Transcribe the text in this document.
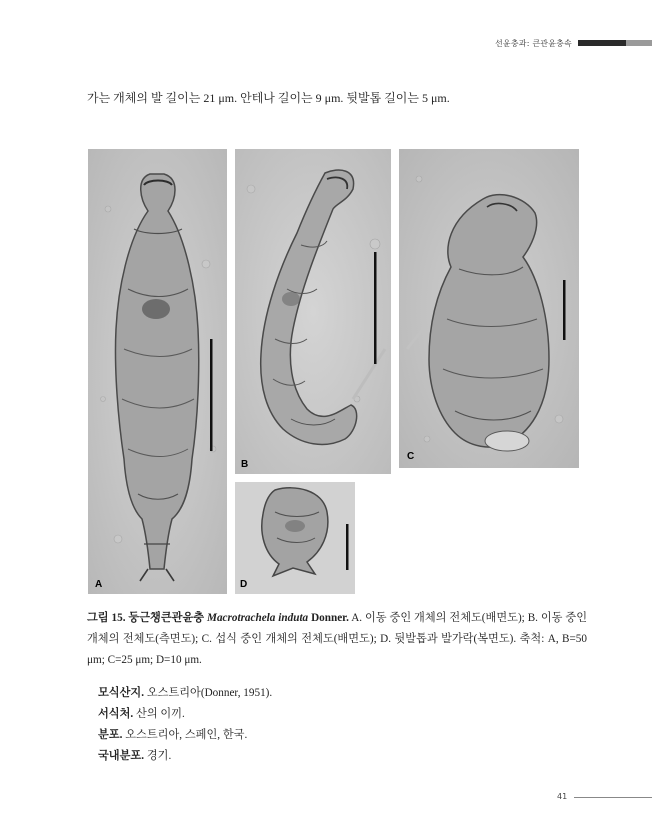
선윤충과: 큰관윤충속
가는 개체의 발 길이는 21 μm. 안테나 길이는 9 μm. 뒷발톱 길이는 5 μm.
A
B
C
D
그림 15. 둥근챙큰관윤충 Macrotrachela induta Donner. A. 이동 중인 개체의 전체도(배면도); B. 이동 중인 개체의 전체도(측면도); C. 섭식 중인 개체의 전체도(배면도); D. 뒷발톱과 발가락(복면도). 축척: A, B=50 μm; C=25 μm; D=10 μm.
모식산지. 오스트리아(Donner, 1951).
서식처. 산의 이끼.
분포. 오스트리아, 스페인, 한국.
국내분포. 경기.
41
